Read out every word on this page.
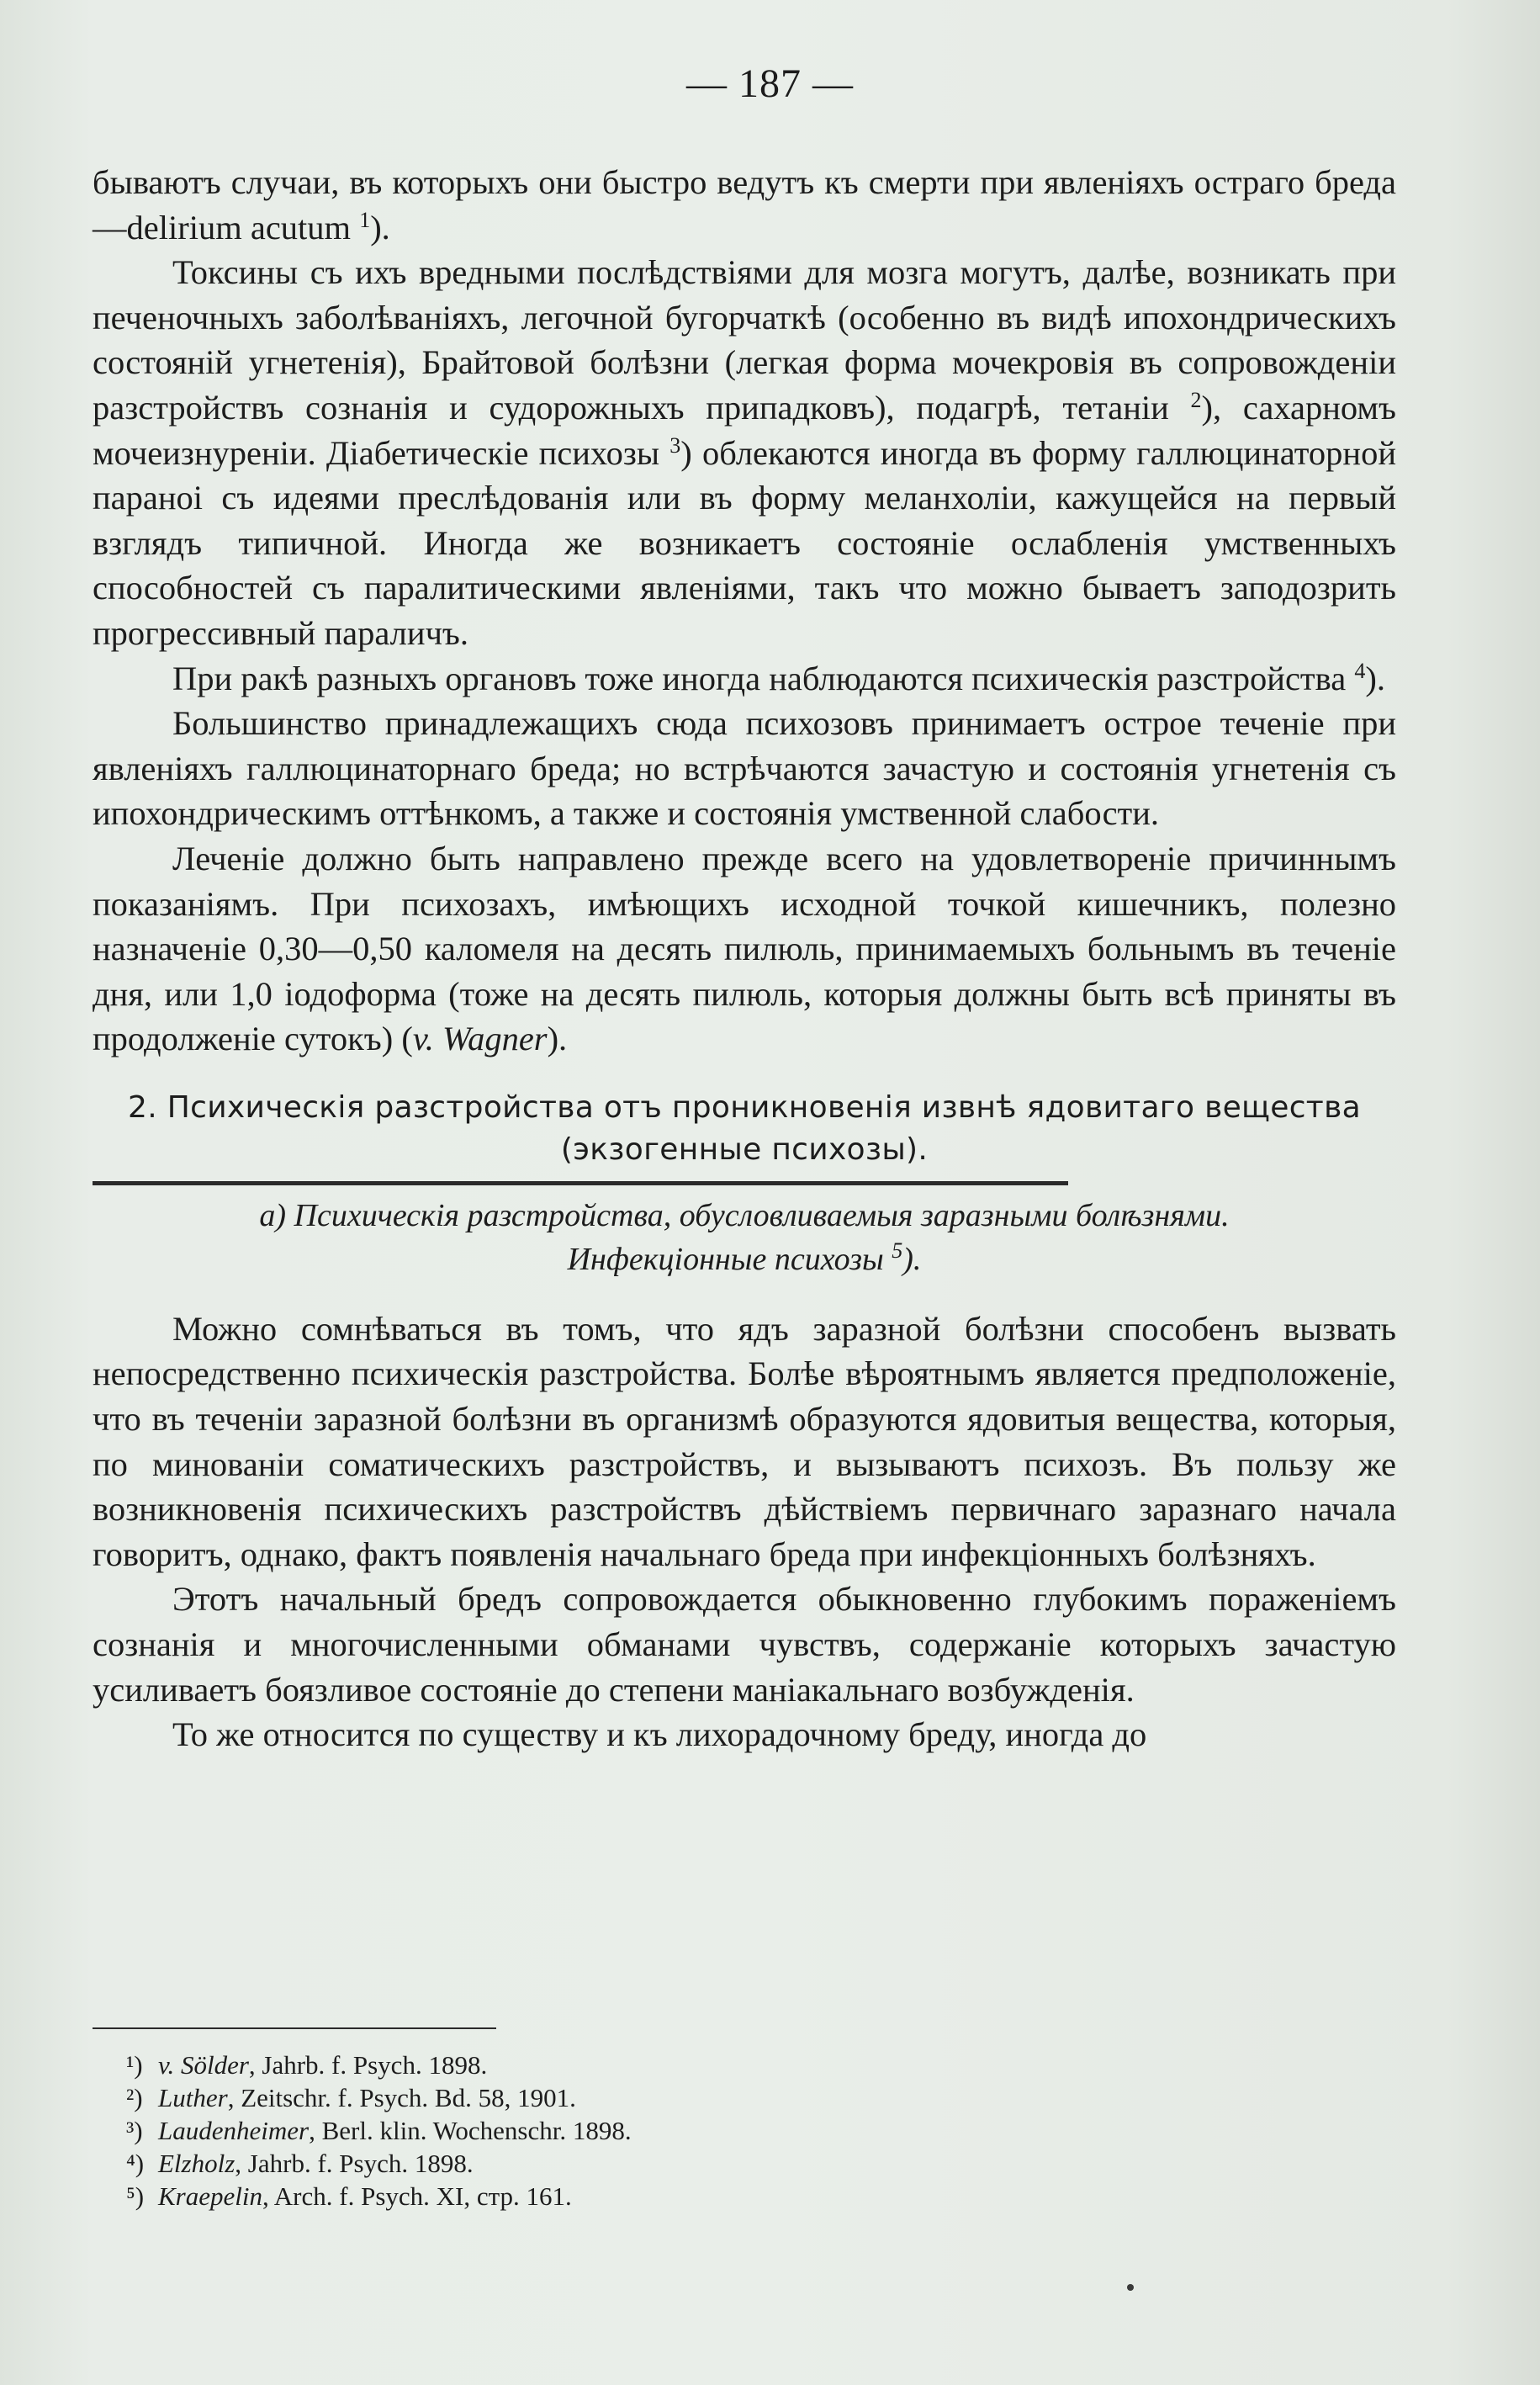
— 187 —

бываютъ случаи, въ которыхъ они быстро ведутъ къ смерти при явленіяхъ остраго бреда —delirium acutum $^1$).

Токсины съ ихъ вредными послѣдствіями для мозга могутъ, далѣе, возникать при печеночныхъ заболѣваніяхъ, легочной бугорчаткѣ (особенно въ видѣ ипохондрическихъ состояній угнетенія), Брайтовой болѣзни (легкая форма мочекровія въ сопровожденіи разстройствъ сознанія и судорожныхъ припадковъ), подагрѣ, тетаніи $^2$), сахарномъ мочеизнуреніи. Діабетическіе психозы $^3$) облекаются иногда въ форму галлюцинаторной параноі съ идеями преслѣдованія или въ форму меланхоліи, кажущейся на первый взглядъ типичной. Иногда же возникаетъ состояніе ослабленія умственныхъ способностей съ паралитическими явленіями, такъ что можно бываетъ заподозрить прогрессивный параличъ.

При ракѣ разныхъ органовъ тоже иногда наблюдаются психическія разстройства $^4$).

Большинство принадлежащихъ сюда психозовъ принимаетъ острое теченіе при явленіяхъ галлюцинаторнаго бреда; но встрѣчаются зачастую и состоянія угнетенія съ ипохондрическимъ оттѣнкомъ, а также и состоянія умственной слабости.

Леченіе должно быть направлено прежде всего на удовлетвореніе причиннымъ показаніямъ. При психозахъ, имѣющихъ исходной точкой кишечникъ, полезно назначеніе 0,30—0,50 каломеля на десять пилюль, принимаемыхъ больнымъ въ теченіе дня, или 1,0 іодоформа (тоже на десять пилюль, которыя должны быть всѣ приняты въ продолженіе сутокъ) (v. Wagner).

2. Психическія разстройства отъ проникновенія извнѣ ядовитаго вещества (экзогенные психозы).
а) Психическія разстройства, обусловливаемыя заразными болѣзнями.
Инфекціонные психозы $^5$).

Можно сомнѣваться въ томъ, что ядъ заразной болѣзни способенъ вызвать непосредственно психическія разстройства. Болѣе вѣроятнымъ является предположеніе, что въ теченіи заразной болѣзни въ организмѣ образуются ядовитыя вещества, которыя, по минованіи соматическихъ разстройствъ, и вызываютъ психозъ. Въ пользу же возникновенія психическихъ разстройствъ дѣйствіемъ первичнаго заразнаго начала говоритъ, однако, фактъ появленія начальнаго бреда при инфекціонныхъ болѣзняхъ.

Этотъ начальный бредъ сопровождается обыкновенно глубокимъ пораженіемъ сознанія и многочисленными обманами чувствъ, содержаніе которыхъ зачастую усиливаетъ боязливое состояніе до степени маніакальнаго возбужденія.

То же относится по существу и къ лихорадочному бреду, иногда до

¹) v. Sölder, Jahrb. f. Psych. 1898.
²) Luther, Zeitschr. f. Psych. Bd. 58, 1901.
³) Laudenheimer, Berl. klin. Wochenschr. 1898.
⁴) Elzholz, Jahrb. f. Psych. 1898.
⁵) Kraepelin, Arch. f. Psych. XI, стр. 161.
